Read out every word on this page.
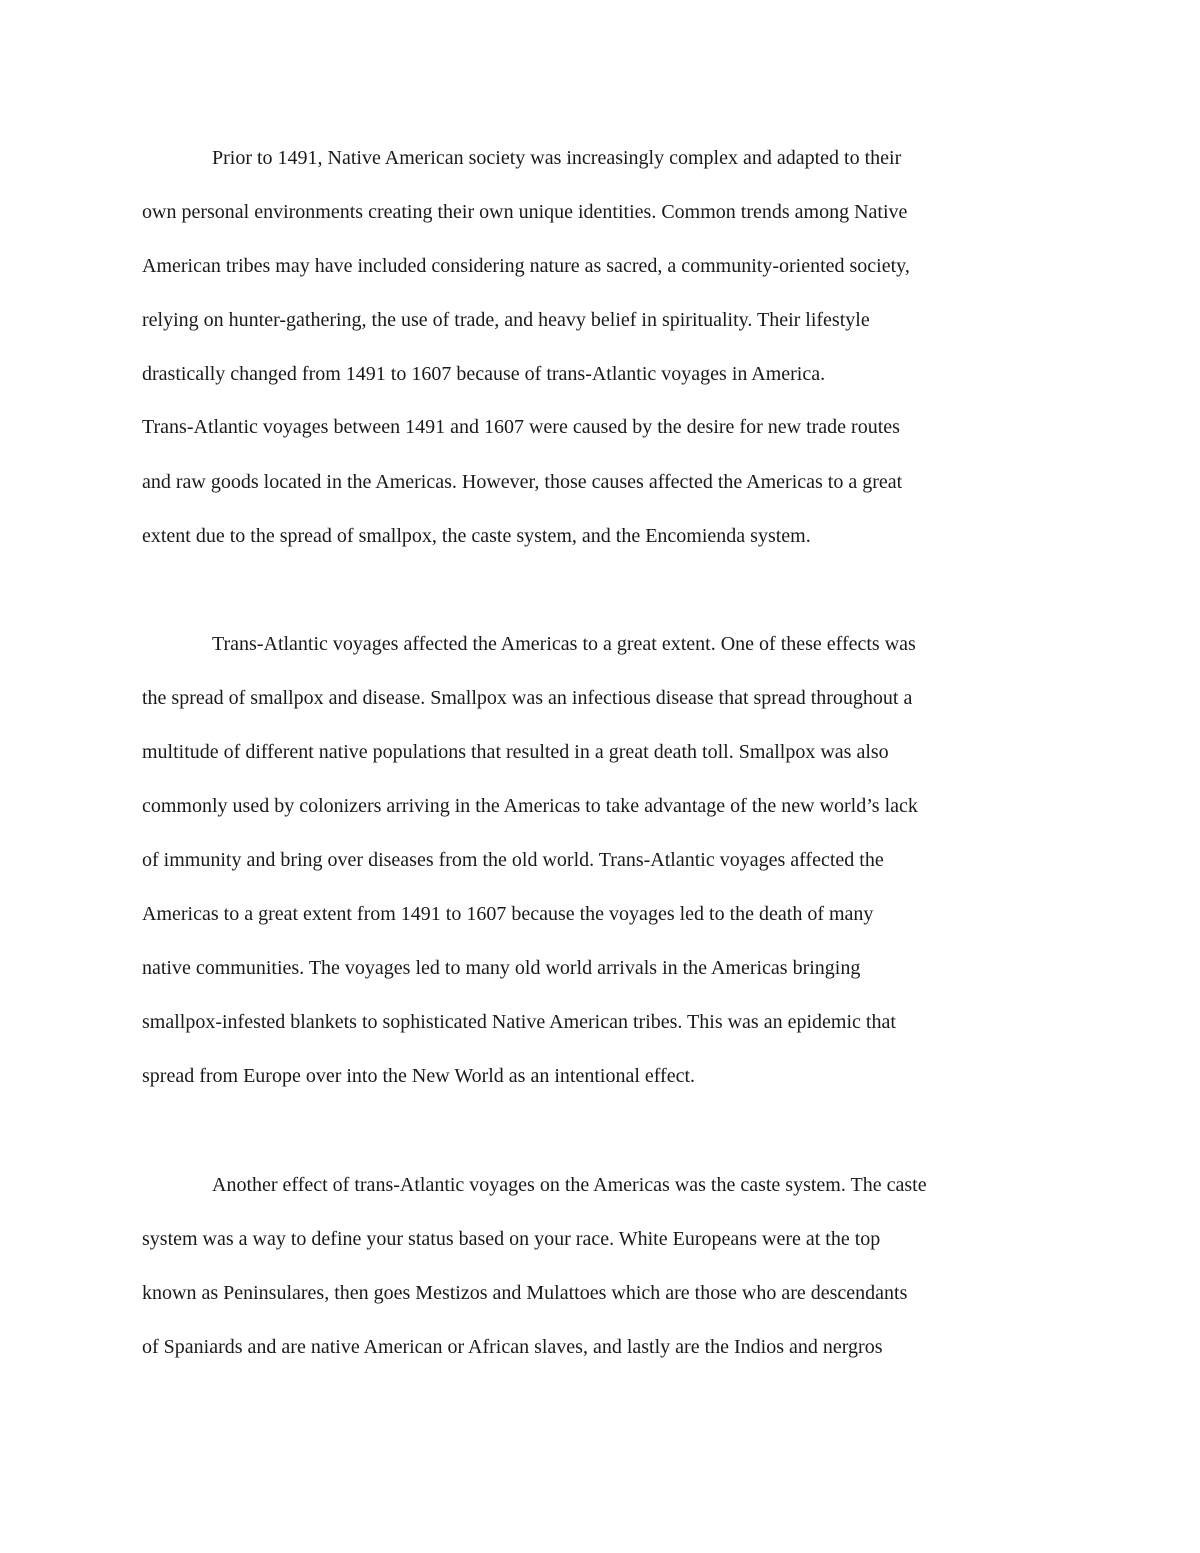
Prior to 1491, Native American society was increasingly complex and adapted to their
own personal environments creating their own unique identities. Common trends among Native
American tribes may have included considering nature as sacred, a community-oriented society,
relying on hunter-gathering, the use of trade, and heavy belief in spirituality. Their lifestyle
drastically changed from 1491 to 1607 because of trans-Atlantic voyages in America.
Trans-Atlantic voyages between 1491 and 1607 were caused by the desire for new trade routes
and raw goods located in the Americas. However, those causes affected the Americas to a great
extent due to the spread of smallpox, the caste system, and the Encomienda system.
Trans-Atlantic voyages affected the Americas to a great extent. One of these effects was
the spread of smallpox and disease. Smallpox was an infectious disease that spread throughout a
multitude of different native populations that resulted in a great death toll. Smallpox was also
commonly used by colonizers arriving in the Americas to take advantage of the new world’s lack
of immunity and bring over diseases from the old world. Trans-Atlantic voyages affected the
Americas to a great extent from 1491 to 1607 because the voyages led to the death of many
native communities. The voyages led to many old world arrivals in the Americas bringing
smallpox-infested blankets to sophisticated Native American tribes. This was an epidemic that
spread from Europe over into the New World as an intentional effect.
Another effect of trans-Atlantic voyages on the Americas was the caste system. The caste
system was a way to define your status based on your race. White Europeans were at the top
known as Peninsulares, then goes Mestizos and Mulattoes which are those who are descendants
of Spaniards and are native American or African slaves, and lastly are the Indios and nergros
